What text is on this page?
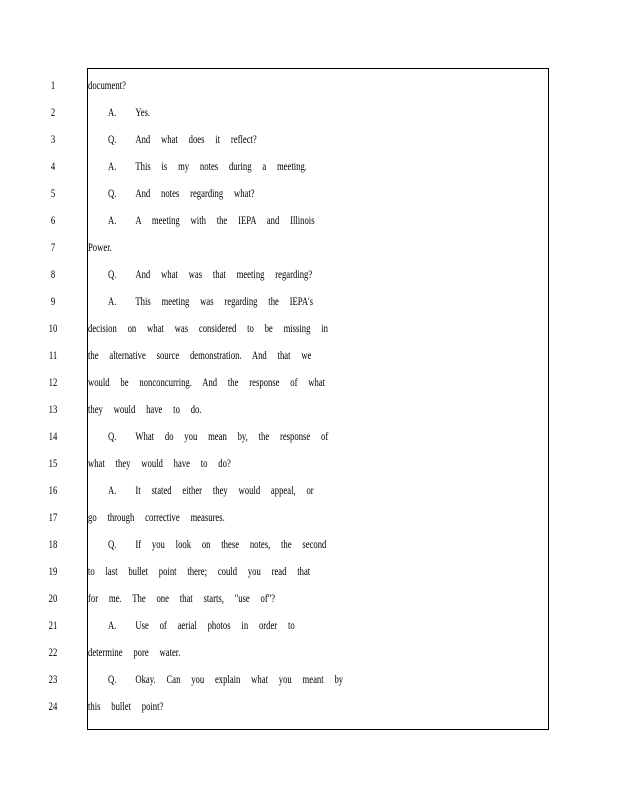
1	document?
2	A. Yes.
3	Q. And what does it reflect?
4	A. This is my notes during a meeting.
5	Q. And notes regarding what?
6	A. A meeting with the IEPA and Illinois
7	Power.
8	Q. And what was that meeting regarding?
9	A. This meeting was regarding the IEPA's
10	decision on what was considered to be missing in
11	the alternative source demonstration. And that we
12	would be nonconcurring. And the response of what
13	they would have to do.
14	Q. What do you mean by, the response of
15	what they would have to do?
16	A. It stated either they would appeal, or
17	go through corrective measures.
18	Q. If you look on these notes, the second
19	to last bullet point there; could you read that
20	for me. The one that starts, "use of"?
21	A. Use of aerial photos in order to
22	determine pore water.
23	Q. Okay. Can you explain what you meant by
24	this bullet point?
